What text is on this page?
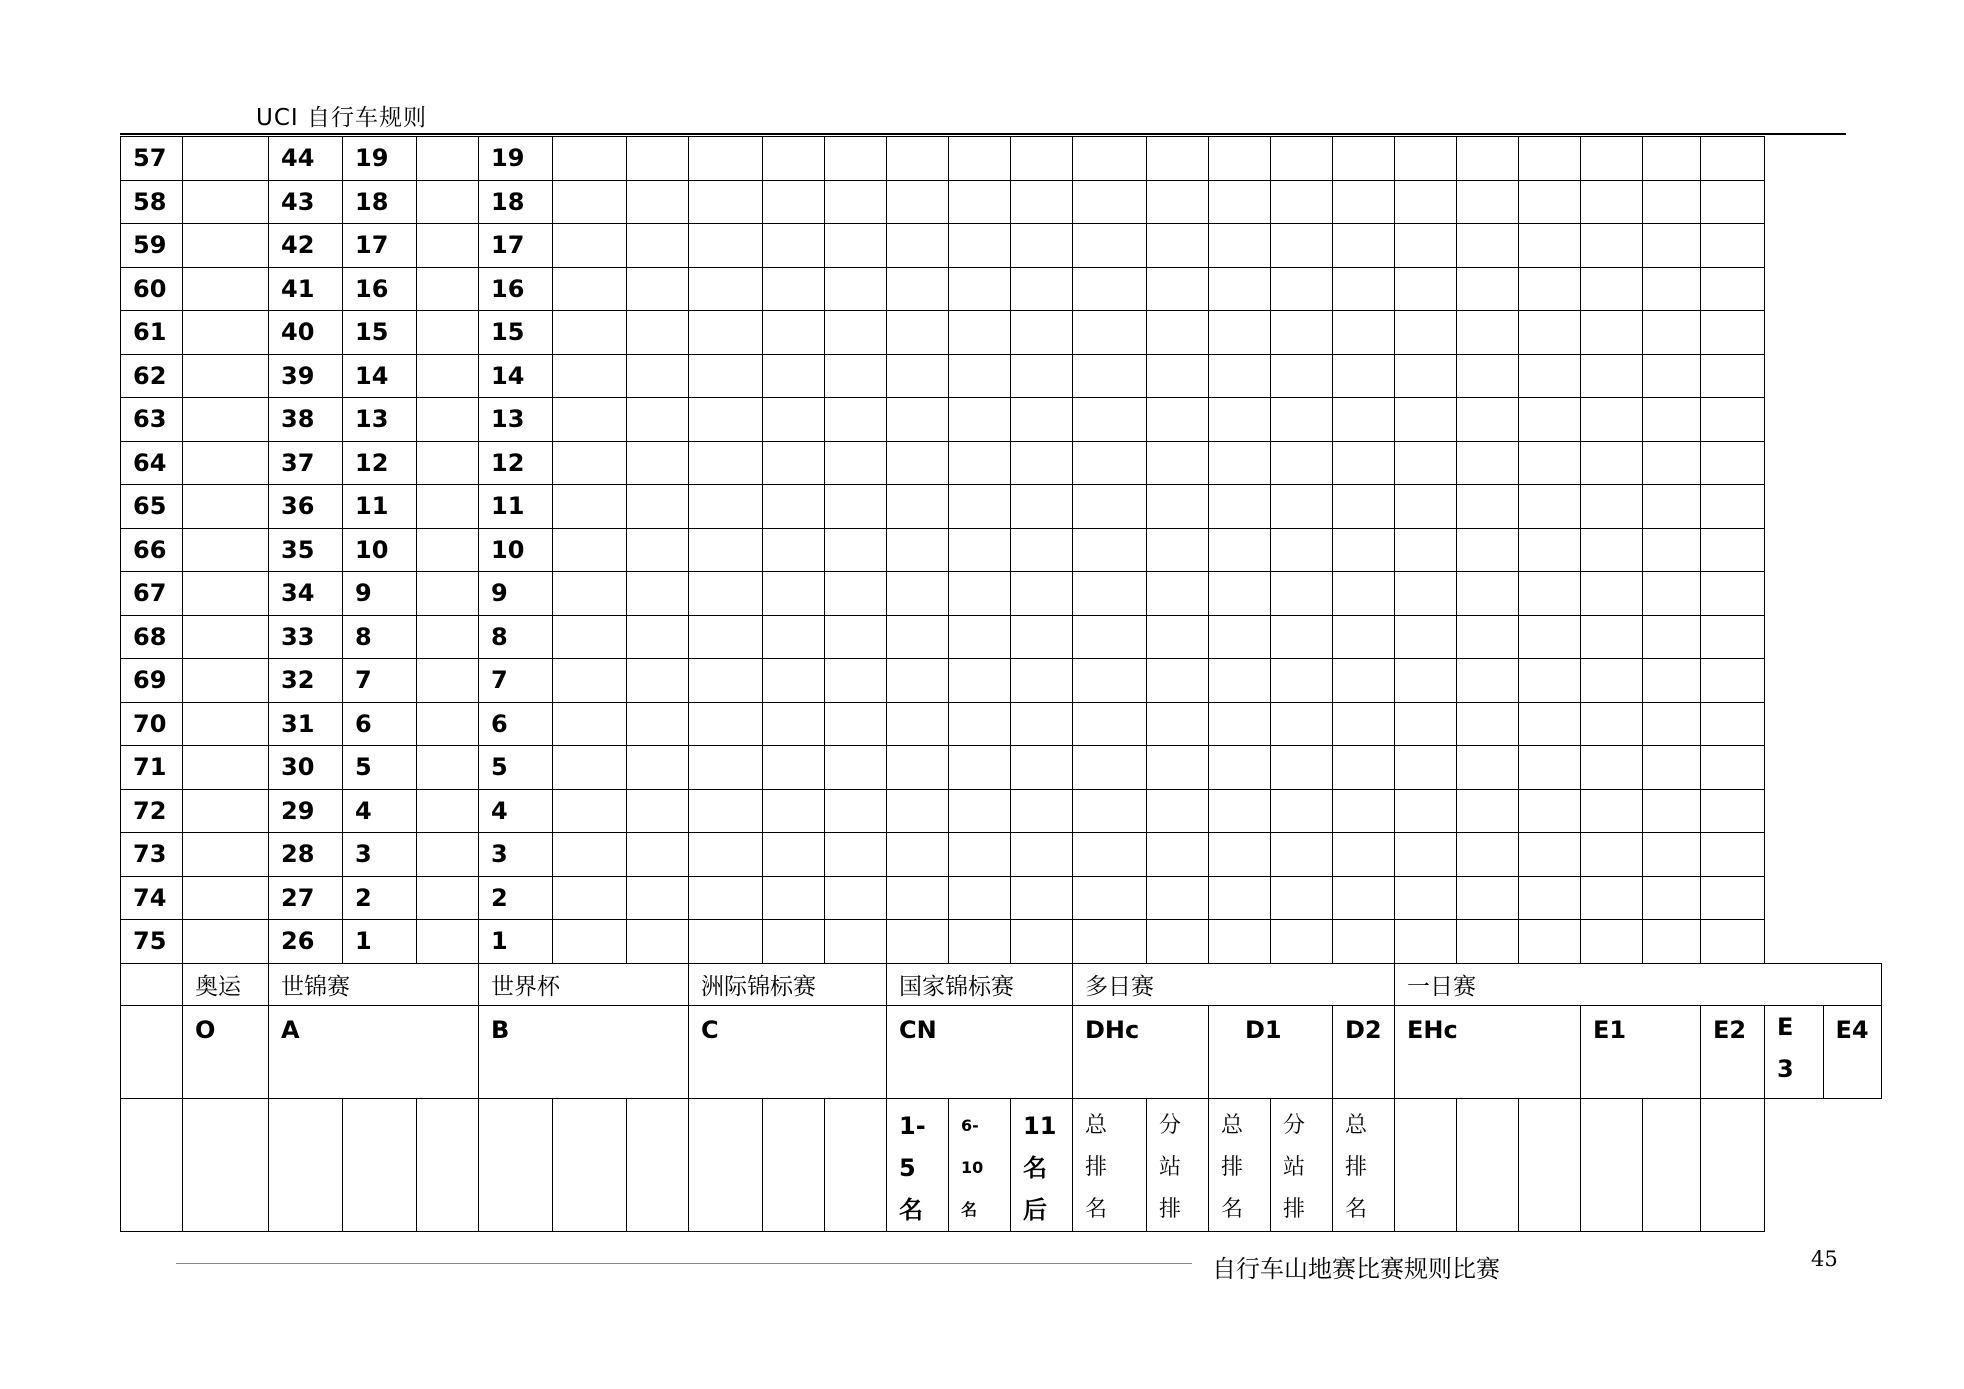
UCI 自行车规则
57		44	19		19																					
58		43	18		18																					
59		42	17		17																					
60		41	16		16																					
61		40	15		15																					
62		39	14		14																					
63		38	13		13																					
64		37	12		12																					
65		36	11		11																					
66		35	10		10																					
67		34	9		9																					
68		33	8		8																					
69		32	7		7																					
70		31	6		6																					
71		30	5		5																					
72		29	4		4																					
73		28	3		3																					
74		27	2		2																					
75		26	1		1																					
	奥运	世锦赛			世界杯			洲际锦标赛			国家锦标赛			多日赛					一日赛							
	O	A			B			C			CN			DHc		D1		D2	EHc			E1		E2	E 3	E4
											1-5名	6-10名	11名后	总排名	分站排	总排名	分站排	总排名								
自行车山地赛比赛规则比赛	45
